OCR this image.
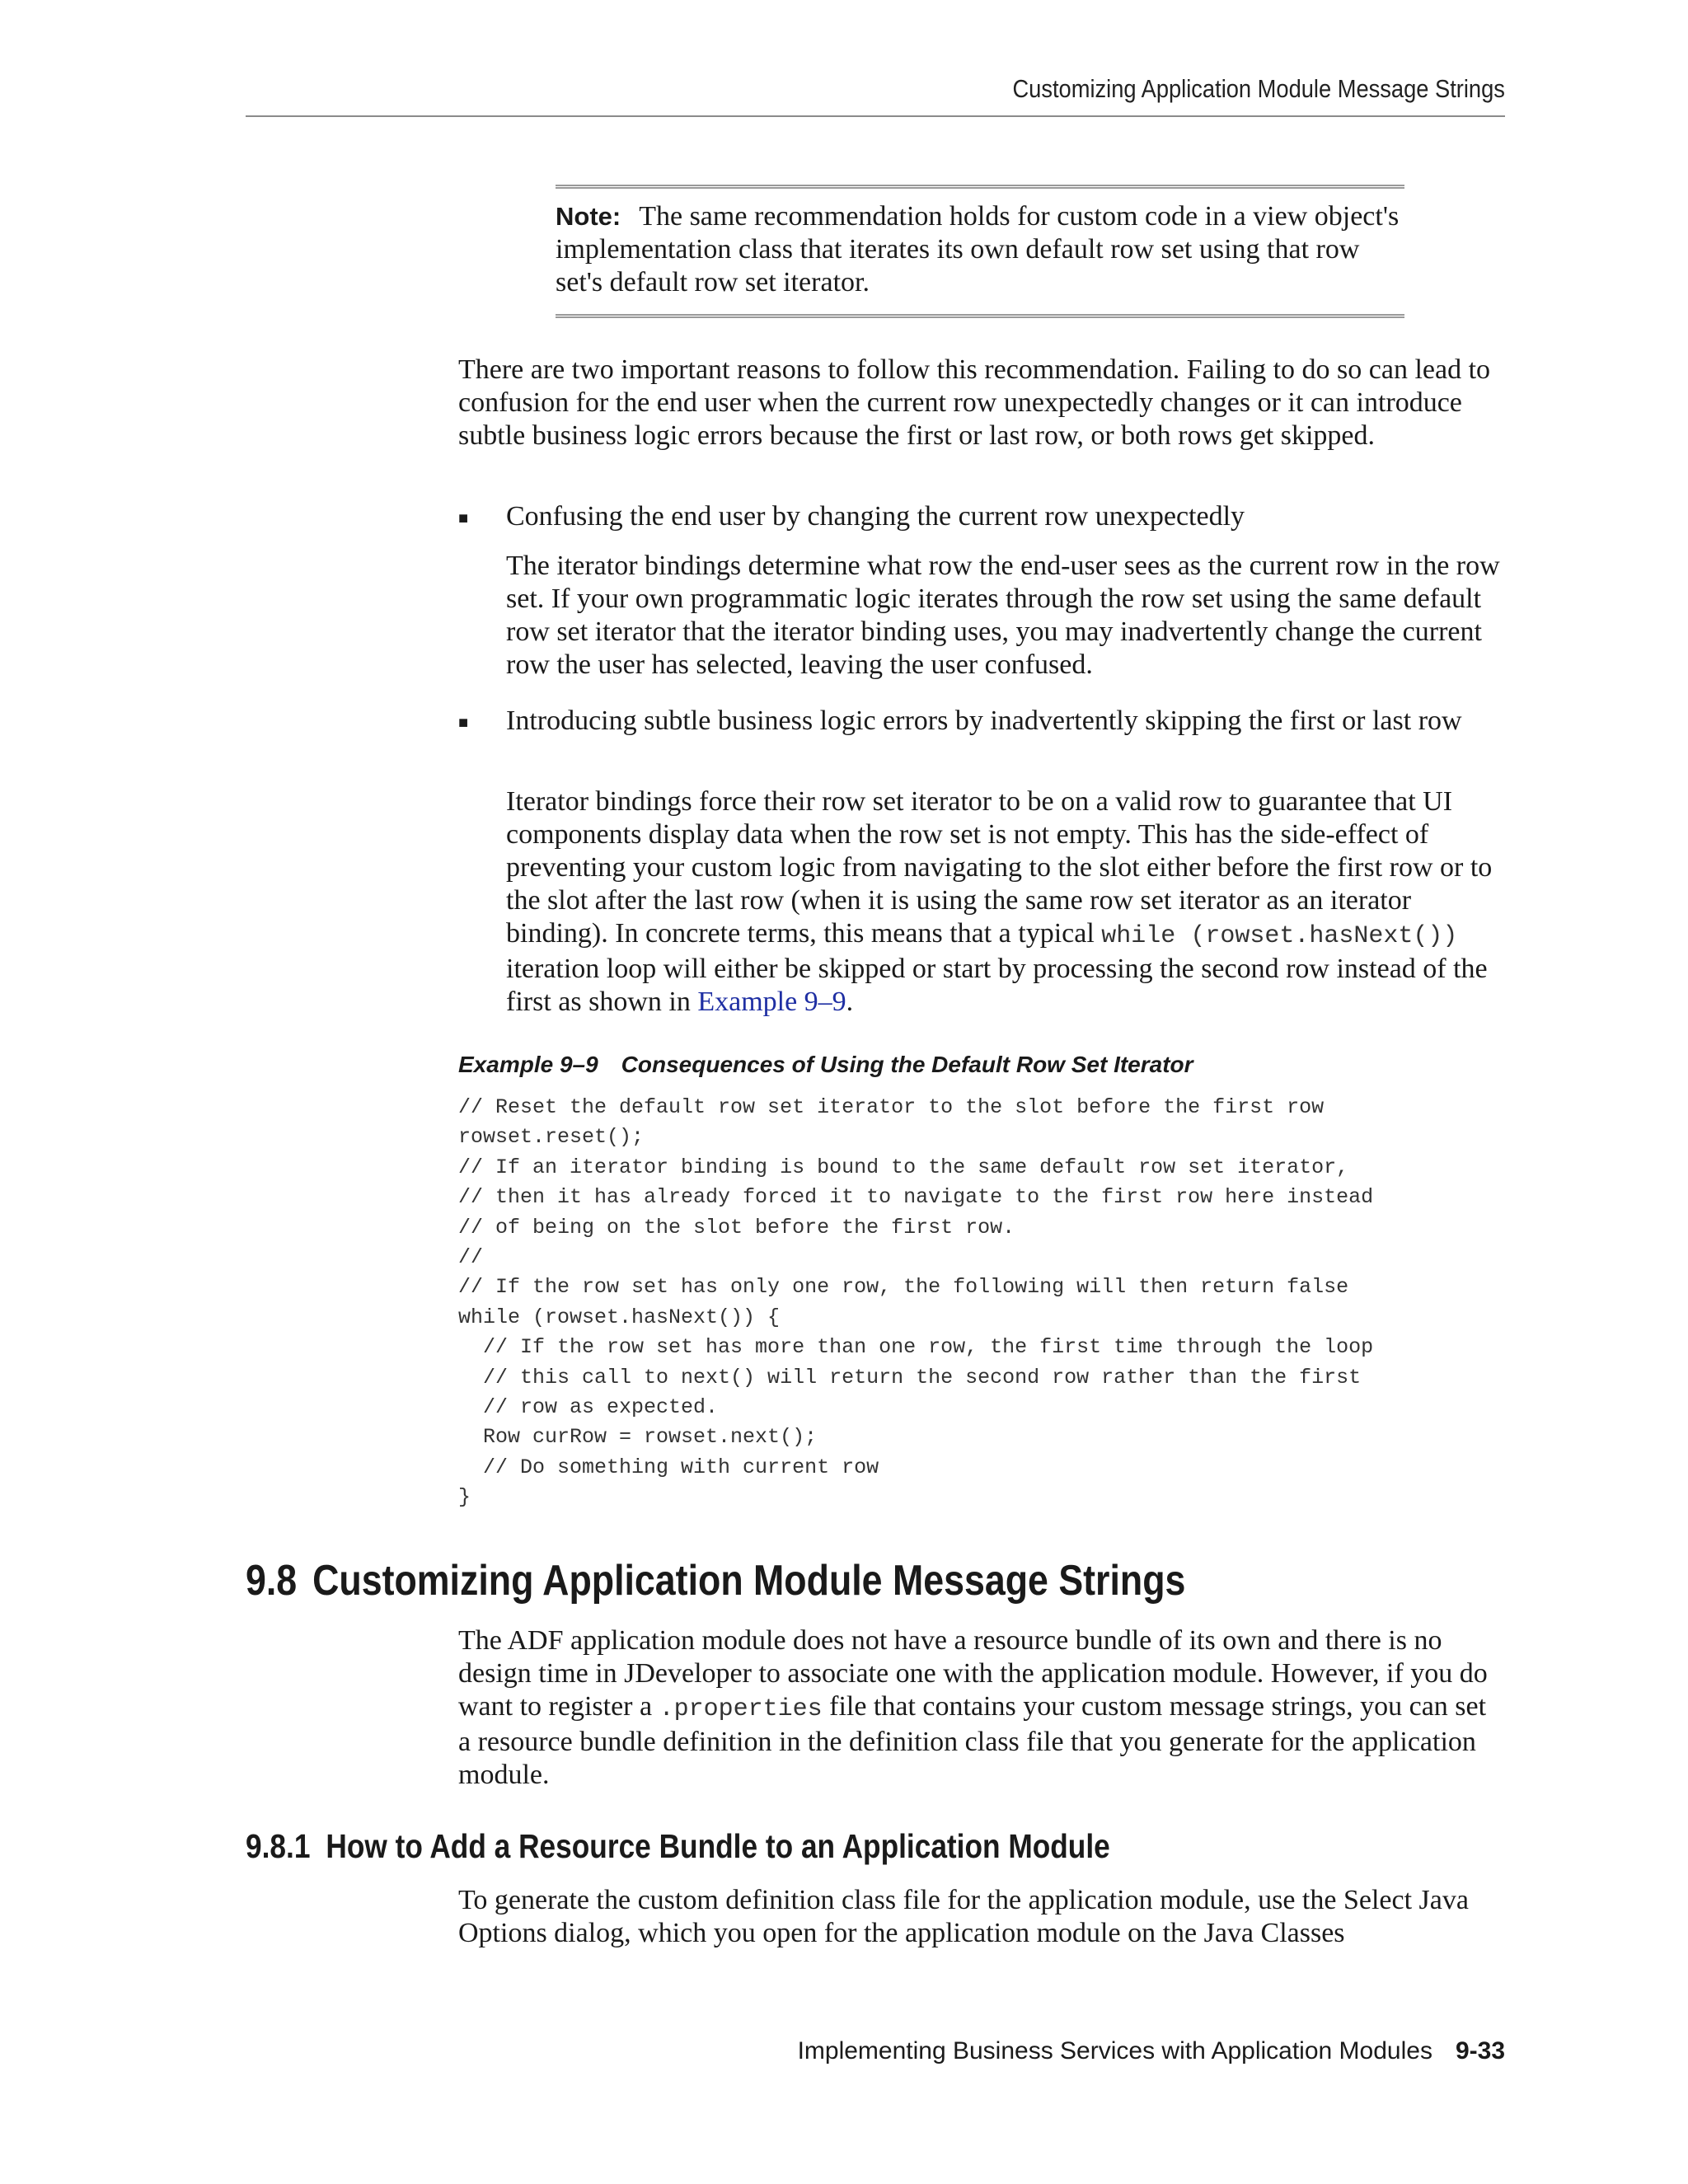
Customizing Application Module Message Strings

Note: The same recommendation holds for custom code in a view object's implementation class that iterates its own default row set using that row set's default row set iterator.

There are two important reasons to follow this recommendation. Failing to do so can lead to confusion for the end user when the current row unexpectedly changes or it can introduce subtle business logic errors because the first or last row, or both rows get skipped.

■ Confusing the end user by changing the current row unexpectedly

The iterator bindings determine what row the end-user sees as the current row in the row set. If your own programmatic logic iterates through the row set using the same default row set iterator that the iterator binding uses, you may inadvertently change the current row the user has selected, leaving the user confused.

■ Introducing subtle business logic errors by inadvertently skipping the first or last row

Iterator bindings force their row set iterator to be on a valid row to guarantee that UI components display data when the row set is not empty. This has the side-effect of preventing your custom logic from navigating to the slot either before the first row or to the slot after the last row (when it is using the same row set iterator as an iterator binding). In concrete terms, this means that a typical while (rowset.hasNext()) iteration loop will either be skipped or start by processing the second row instead of the first as shown in Example 9–9.

Example 9–9 Consequences of Using the Default Row Set Iterator

// Reset the default row set iterator to the slot before the first row
rowset.reset();
// If an iterator binding is bound to the same default row set iterator,
// then it has already forced it to navigate to the first row here instead
// of being on the slot before the first row.
//
// If the row set has only one row, the following will then return false
while (rowset.hasNext()) {
// If the row set has more than one row, the first time through the loop
// this call to next() will return the second row rather than the first
// row as expected.
Row curRow = rowset.next();
// Do something with current row
}
9.8 Customizing Application Module Message Strings

The ADF application module does not have a resource bundle of its own and there is no design time in JDeveloper to associate one with the application module. However, if you do want to register a .properties file that contains your custom message strings, you can set a resource bundle definition in the definition class file that you generate for the application module.

9.8.1 How to Add a Resource Bundle to an Application Module

To generate the custom definition class file for the application module, use the Select Java Options dialog, which you open for the application module on the Java Classes

Implementing Business Services with Application Modules 9-33
